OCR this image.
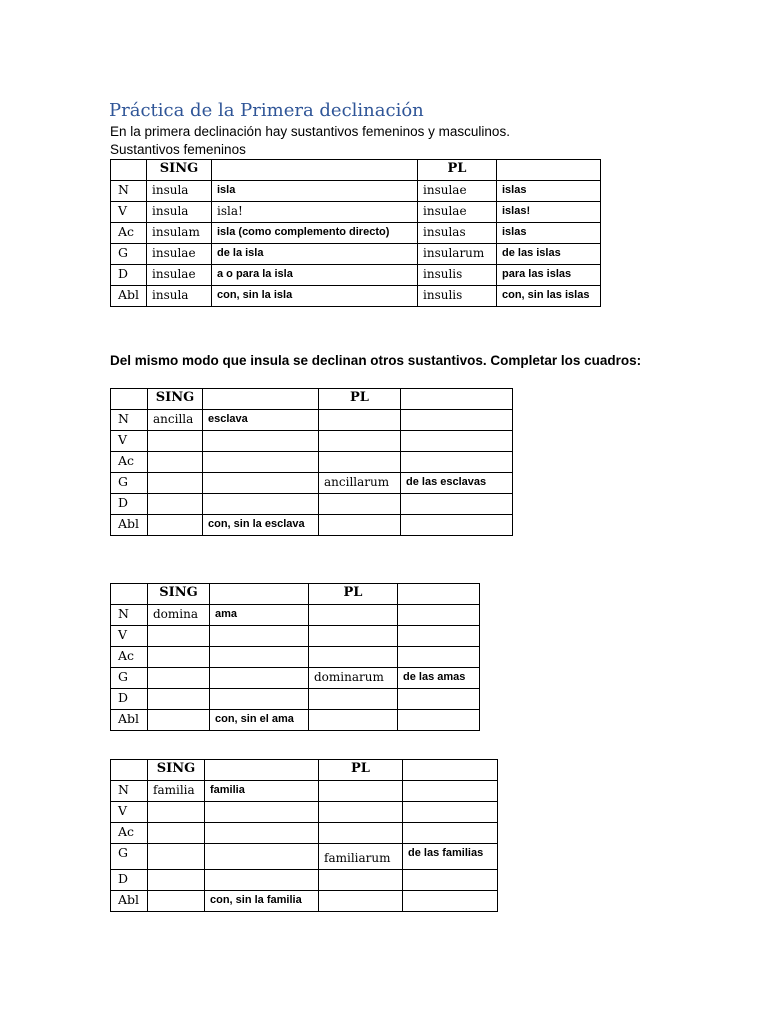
Práctica de la Primera declinación
En la primera declinación hay sustantivos femeninos y masculinos.
Sustantivos femeninos
	SING		PL	
N	insula	isla	insulae	islas
V	insula	isla!	insulae	islas!
Ac	insulam	isla (como complemento directo)	insulas	islas
G	insulae	de la isla	insularum	de las islas
D	insulae	a o para la isla	insulis	para las islas
Abl	insula	con, sin la isla	insulis	con, sin las islas
Del mismo modo que insula se declinan otros sustantivos. Completar los cuadros:
	SING		PL	
N	ancilla	esclava		
V				
Ac				
G			ancillarum	de las esclavas
D				
Abl		con, sin la esclava		
	SING		PL	
N	domina	ama		
V				
Ac				
G			dominarum	de las amas
D				
Abl		con, sin el ama		
	SING		PL	
N	familia	familia		
V				
Ac				
G			familiarum	de las familias
D				
Abl		con, sin la familia		
